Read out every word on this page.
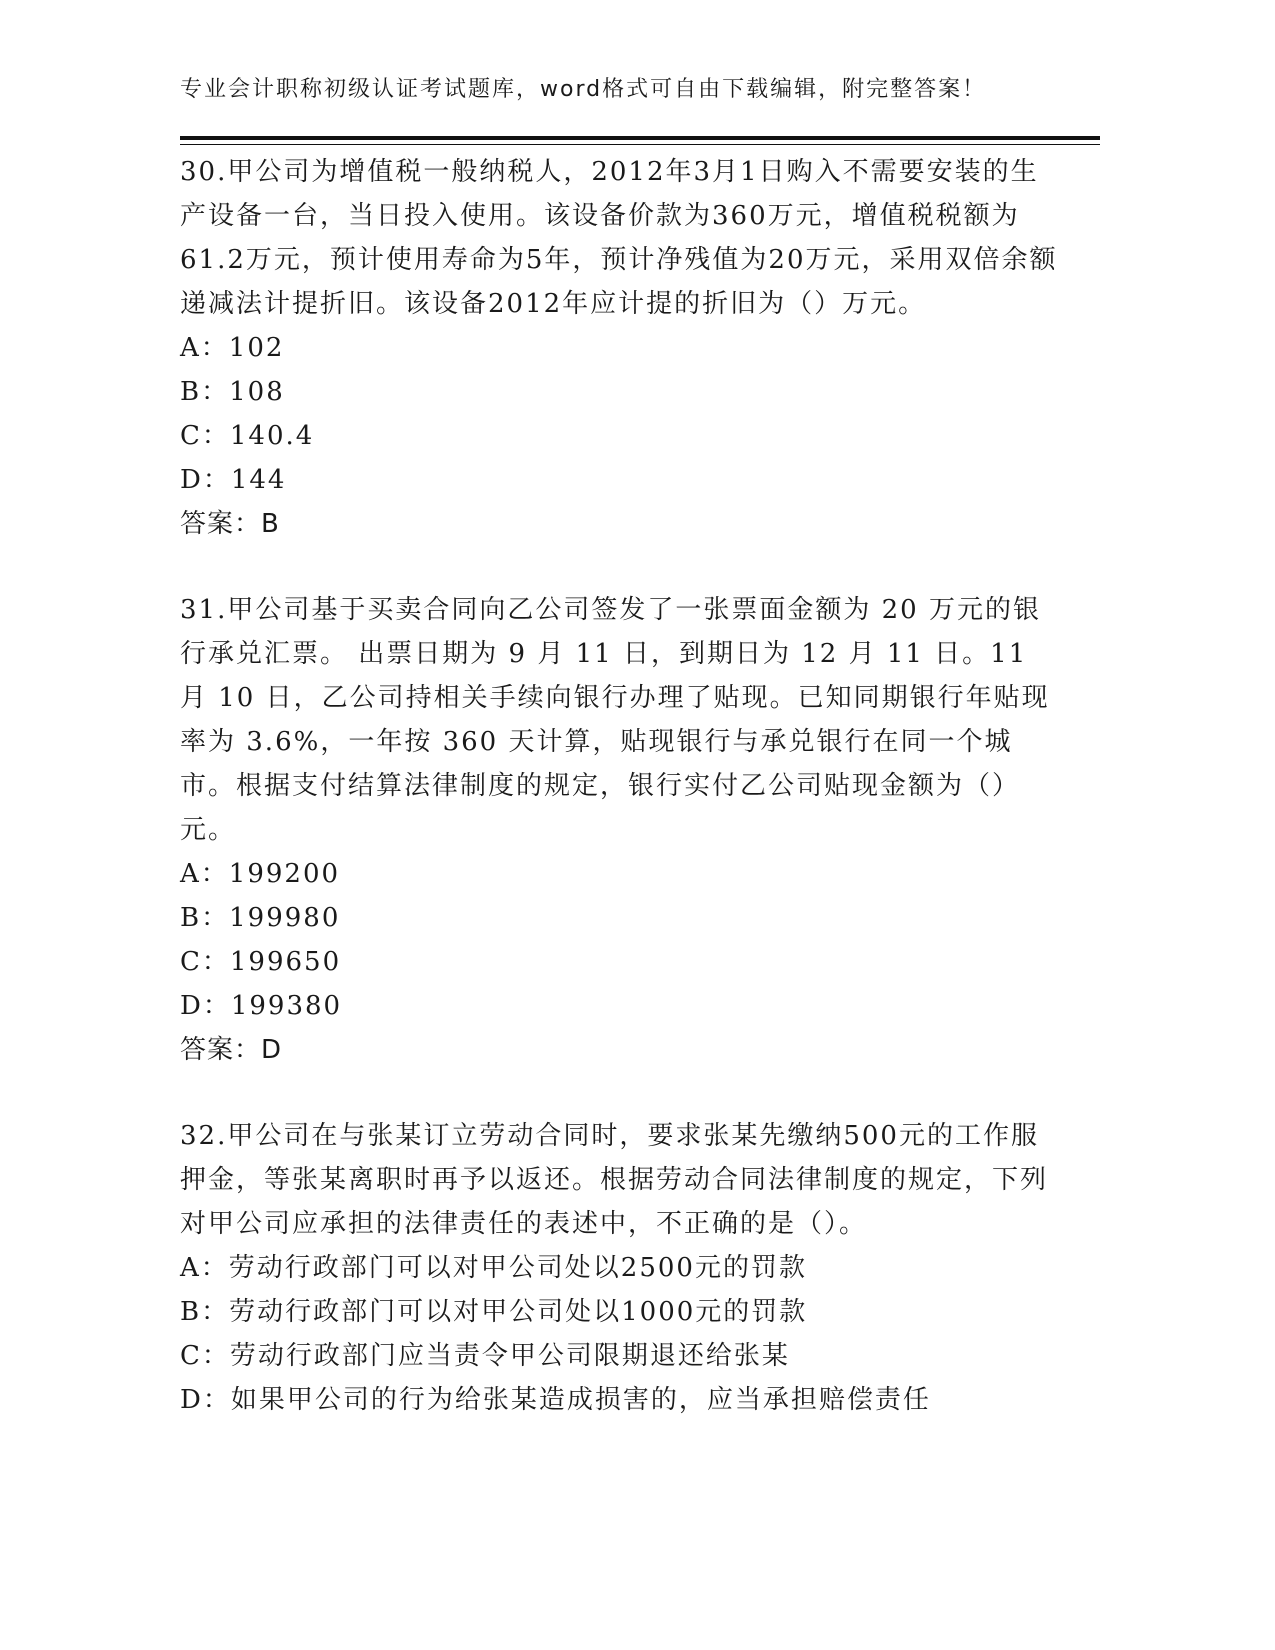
专业会计职称初级认证考试题库，word格式可自由下载编辑，附完整答案！
30.甲公司为增值税一般纳税人，2012年3月1日购入不需要安装的生产设备一台，当日投入使用。该设备价款为360万元，增值税税额为61.2万元，预计使用寿命为5年，预计净残值为20万元，采用双倍余额递减法计提折旧。该设备2012年应计提的折旧为（）万元。
A：102
B：108
C：140.4
D：144
答案：B
31.甲公司基于买卖合同向乙公司签发了一张票面金额为 20 万元的银行承兑汇票。 出票日期为 9 月 11 日，到期日为 12 月 11 日。11 月 10 日，乙公司持相关手续向银行办理了贴现。已知同期银行年贴现率为 3.6%，一年按 360 天计算，贴现银行与承兑银行在同一个城市。根据支付结算法律制度的规定，银行实付乙公司贴现金额为（）元。
A：199200
B：199980
C：199650
D：199380
答案：D
32.甲公司在与张某订立劳动合同时，要求张某先缴纳500元的工作服押金，等张某离职时再予以返还。根据劳动合同法律制度的规定，下列对甲公司应承担的法律责任的表述中，不正确的是（）。
A：劳动行政部门可以对甲公司处以2500元的罚款
B：劳动行政部门可以对甲公司处以1000元的罚款
C：劳动行政部门应当责令甲公司限期退还给张某
D：如果甲公司的行为给张某造成损害的，应当承担赔偿责任
